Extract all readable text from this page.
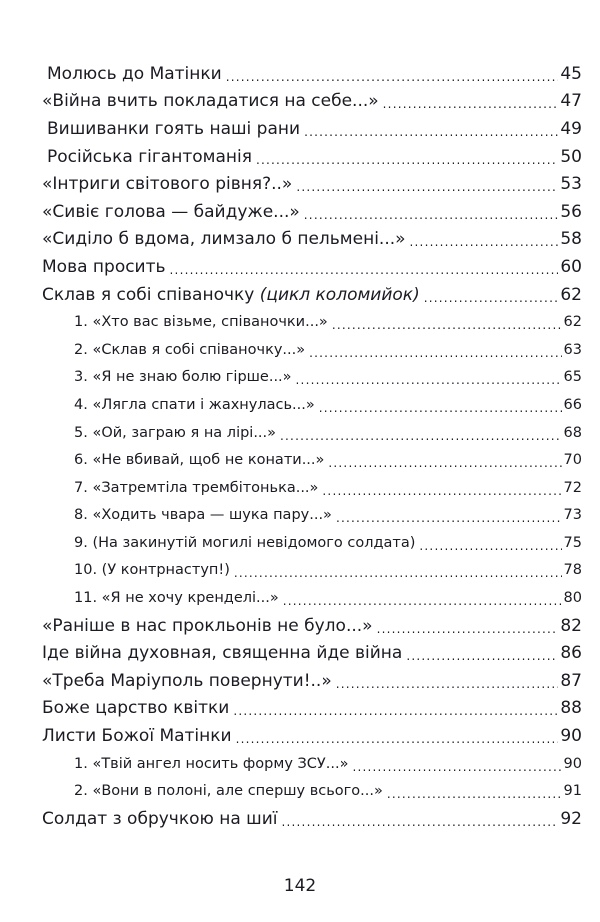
Молюсь до Матінки .....	45
«Війна вчить покладатися на себе...» .....	47
Вишиванки гоять наші рани .....	49
Російська гігантоманія .....	50
«Інтриги світового рівня?..» .....	53
«Сивіє голова — байдуже...» .....	56
«Сиділо б вдома, лимзало б пельмені...» .....	58
Мова просить .....	60
Склав я собі співаночку (цикл коломийок) .....	62
1. «Хто вас візьме, співаночки...» .....	62
2. «Склав я собі співаночку...» .....	63
3. «Я не знаю болю гірше...» .....	65
4. «Лягла спати і жахнулась...» .....	66
5. «Ой, заграю я на лірі...» .....	68
6. «Не вбивай, щоб не конати...» .....	70
7. «Затремтіла трембітонька...» .....	72
8. «Ходить чвара — шука пару...» .....	73
9. (На закинутій могилі невідомого солдата) .....	75
10. (У контрнаступ!) .....	78
11. «Я не хочу кренделі...» .....	80
«Раніше в нас прокльонів не було...» .....	82
Іде війна духовная, священна йде війна .....	86
«Треба Маріуполь повернути!..» .....	87
Боже царство квітки .....	88
Листи Божої Матінки .....	90
1. «Твій ангел носить форму ЗСУ...» .....	90
2. «Вони в полоні, але спершу всього...» .....	91
Солдат з обручкою на шиї .....	92
142
